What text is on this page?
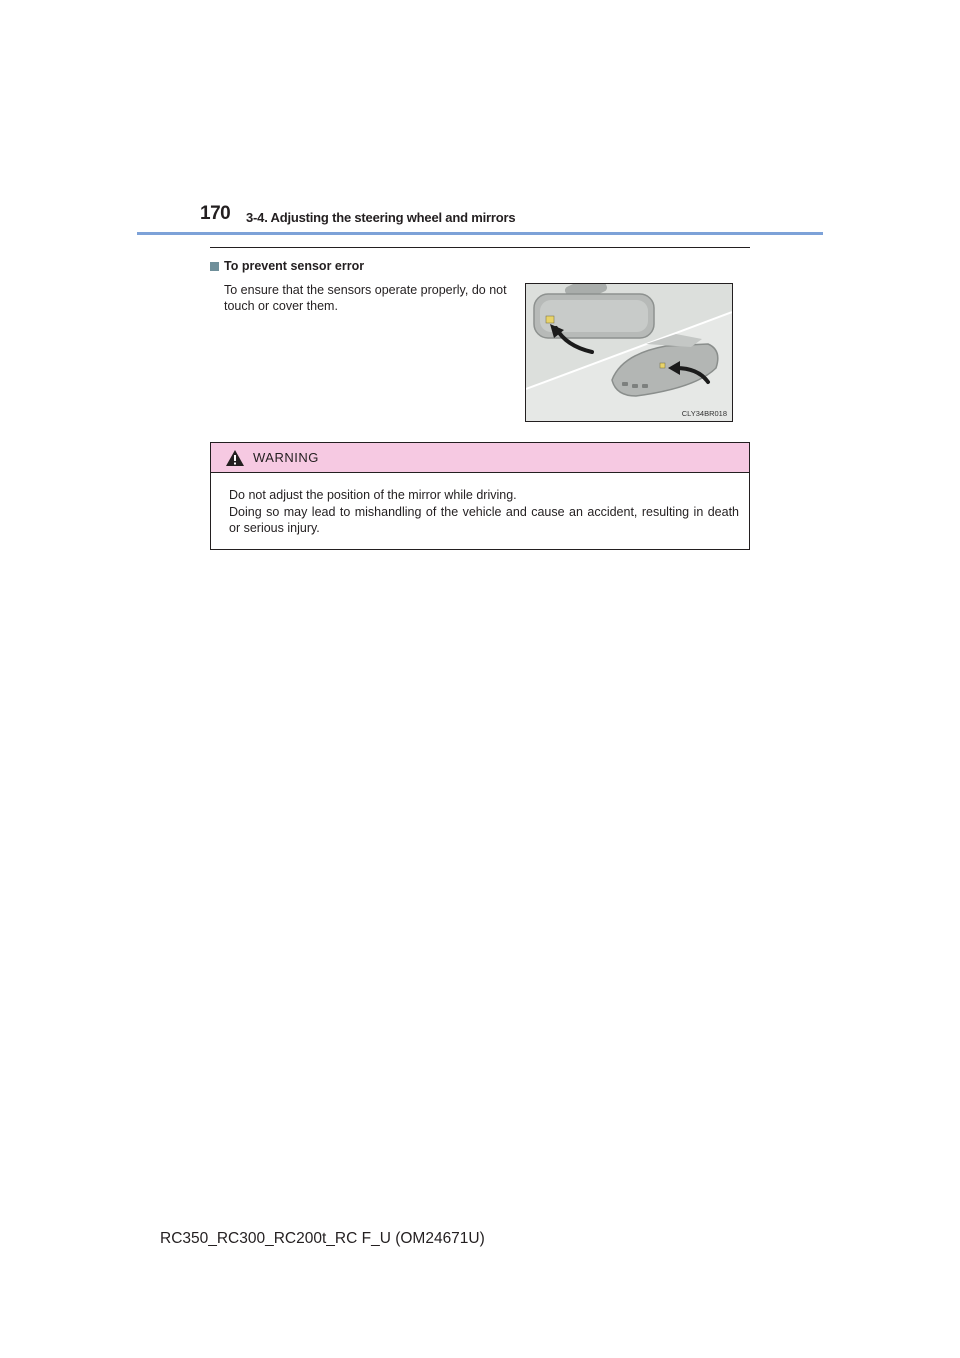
170 3-4. Adjusting the steering wheel and mirrors
To prevent sensor error
To ensure that the sensors operate properly, do not touch or cover them.
CLY34BR018
WARNING

Do not adjust the position of the mirror while driving.

Doing so may lead to mishandling of the vehicle and cause an accident, resulting in death or serious injury.

RC350_RC300_RC200t_RC F_U (OM24671U)
